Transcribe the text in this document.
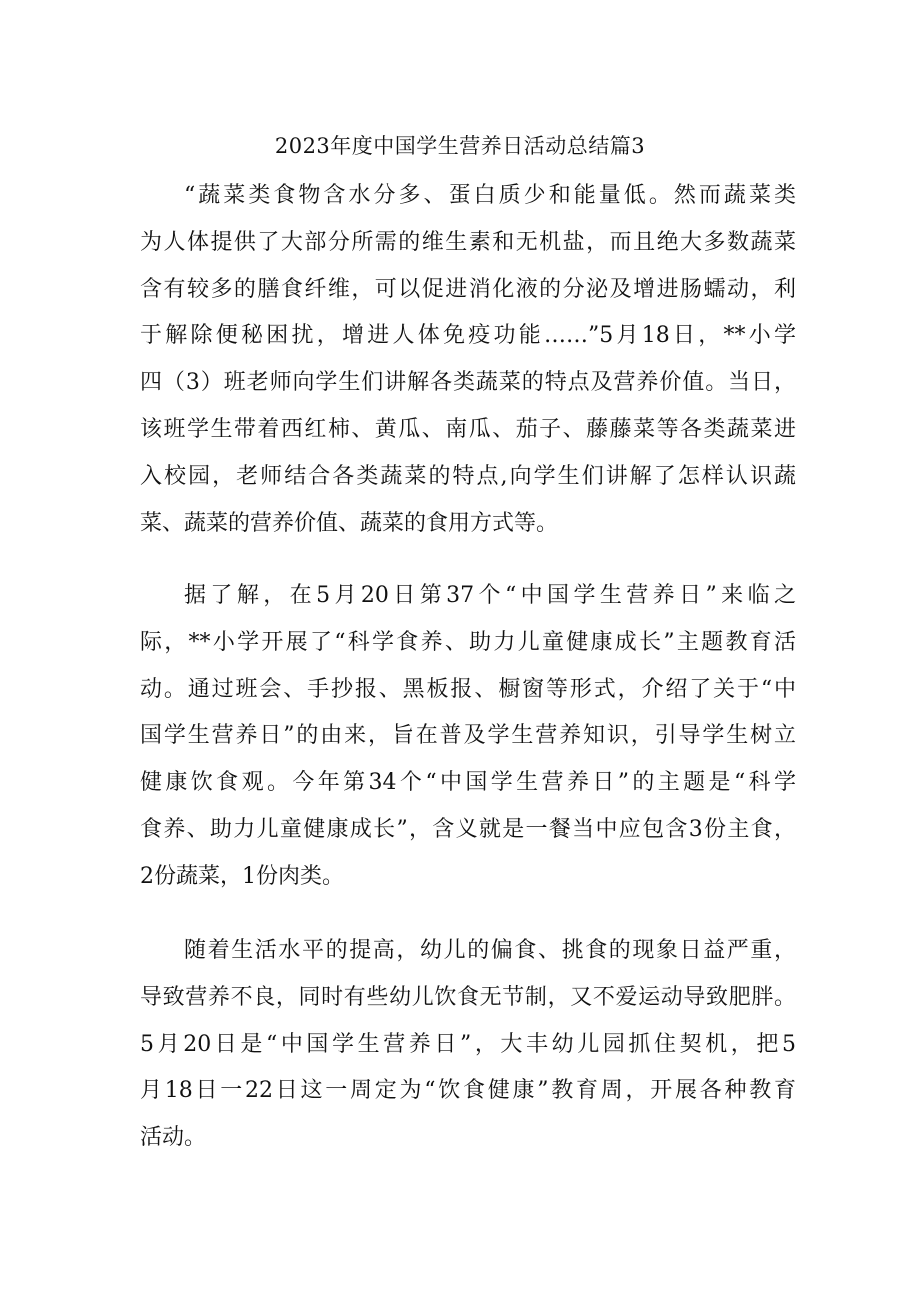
2023年度中国学生营养日活动总结篇3
“蔬菜类食物含水分多、蛋白质少和能量低。然而蔬菜类
为人体提供了大部分所需的维生素和无机盐，而且绝大多数蔬菜
含有较多的膳食纤维，可以促进消化液的分泌及增进肠蠕动，利
于解除便秘困扰，增进人体免疫功能……”5月18日，**小学
四（3）班老师向学生们讲解各类蔬菜的特点及营养价值。当日，
该班学生带着西红柿、黄瓜、南瓜、茄子、藤藤菜等各类蔬菜进
入校园，老师结合各类蔬菜的特点,向学生们讲解了怎样认识蔬
菜、蔬菜的营养价值、蔬菜的食用方式等。
据了解，在5月20日第37个“中国学生营养日”来临之
际，**小学开展了“科学食养、助力儿童健康成长”主题教育活
动。通过班会、手抄报、黑板报、橱窗等形式，介绍了关于“中
国学生营养日”的由来，旨在普及学生营养知识，引导学生树立
健康饮食观。今年第34个“中国学生营养日”的主题是“科学
食养、助力儿童健康成长”，含义就是一餐当中应包含3份主食，
2份蔬菜，1份肉类。
随着生活水平的提高，幼儿的偏食、挑食的现象日益严重，
导致营养不良，同时有些幼儿饮食无节制，又不爱运动导致肥胖。
5月20日是“中国学生营养日”，大丰幼儿园抓住契机，把5
月18日一22日这一周定为“饮食健康”教育周，开展各种教育
活动。
